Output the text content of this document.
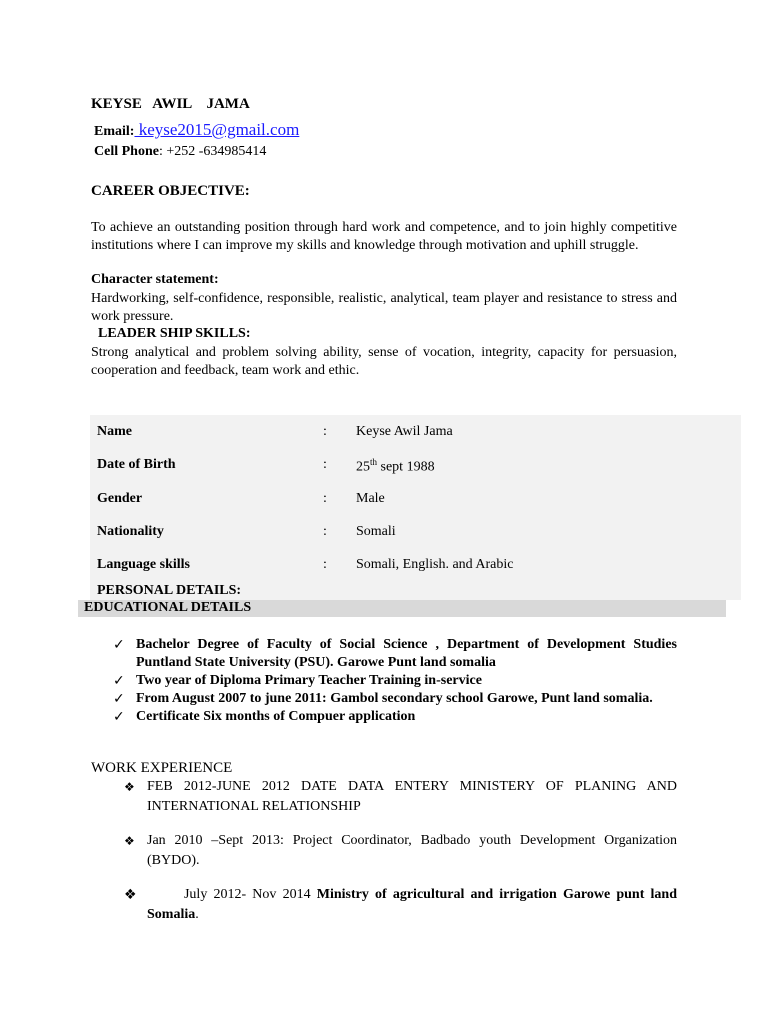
KEYSE   AWIL    JAMA
Email: keyse2015@gmail.com
Cell Phone: +252 -634985414
CAREER OBJECTIVE:
To achieve an outstanding position through hard work and competence, and to join highly competitive institutions where I can improve my skills and knowledge through motivation and uphill struggle.
Character statement:
Hardworking, self-confidence, responsible, realistic, analytical, team player and resistance to stress and work pressure.
LEADER SHIP SKILLS:
Strong analytical and problem solving ability, sense of vocation, integrity, capacity for persuasion, cooperation and feedback, team work and ethic.
Name	: Keyse Awil Jama
Date of Birth	: 25th sept 1988
Gender	: Male
Nationality	: Somali
Language skills	: Somali, English. and Arabic
PERSONAL DETAILS:
EDUCATIONAL DETAILS
✓ Bachelor Degree of Faculty of Social Science , Department of Development Studies Puntland State University (PSU). Garowe Punt land somalia
✓ Two year of Diploma Primary Teacher Training in-service
✓ From August 2007 to june 2011: Gambol secondary school Garowe, Punt land somalia.
✓ Certificate Six months of Compuer application
WORK EXPERIENCE
❖ FEB 2012-JUNE 2012 DATE DATA ENTERY MINISTERY OF PLANING AND INTERNATIONAL RELATIONSHIP
❖ Jan 2010 –Sept 2013: Project Coordinator, Badbado youth Development Organization (BYDO).
❖ July 2012- Nov 2014 Ministry of agricultural and irrigation Garowe punt land Somalia.
